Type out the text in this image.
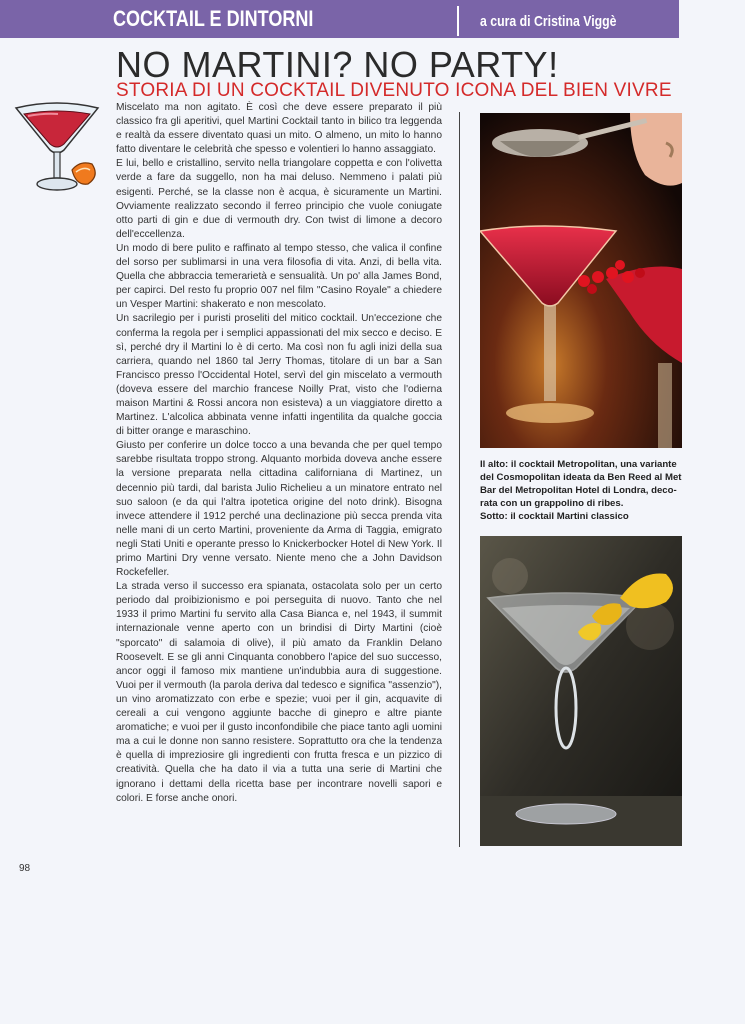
COCKTAIL E DINTORNI	a cura di Cristina Viggè
NO MARTINI? NO PARTY!
STORIA DI UN COCKTAIL DIVENUTO ICONA DEL BIEN VIVRE

Miscelato ma non agitato. È così che deve essere preparato il più classico fra gli aperitivi, quel Martini Cocktail tanto in bilico tra leggenda e realtà da essere diventato quasi un mito. O almeno, un mito lo hanno fatto diventare le celebrità che spesso e volentieri lo hanno assaggiato.

E lui, bello e cristallino, servito nella triangolare coppetta e con l'olivetta verde a fare da suggello, non ha mai deluso. Nemmeno i palati più esigenti. Perché, se la classe non è acqua, è sicuramente un Martini. Ovviamente realizzato secondo il ferreo principio che vuole coniugate otto parti di gin e due di vermouth dry. Con twist di limone a decoro dell'eccellenza.

Un modo di bere pulito e raffinato al tempo stesso, che valica il confine del sorso per sublimarsi in una vera filosofia di vita. Anzi, di bella vita. Quella che abbraccia temerarietà e sensualità. Un po' alla James Bond, per capirci. Del resto fu proprio 007 nel film "Casino Royale" a chiedere un Vesper Martini: shakerato e non mescolato.

Un sacrilegio per i puristi proseliti del mitico cocktail. Un'eccezione che conferma la regola per i semplici appassionati del mix secco e deciso. E sì, perché dry il Martini lo è di certo. Ma così non fu agli inizi della sua carriera, quando nel 1860 tal Jerry Thomas, titolare di un bar a San Francisco presso l'Occidental Hotel, servì del gin miscelato a vermouth (doveva essere del marchio francese Noilly Prat, visto che l'odierna maison Martini & Rossi ancora non esisteva) a un viaggiatore diretto a Martinez. L'alcolica abbinata venne infatti ingentilita da qualche goccia di bitter orange e maraschino.

Giusto per conferire un dolce tocco a una bevanda che per quel tempo sarebbe risultata troppo strong. Alquanto morbida doveva anche essere la versione preparata nella cittadina californiana di Martinez, un decennio più tardi, dal barista Julio Richelieu a un minatore entrato nel suo saloon (e da qui l'altra ipotetica origine del noto drink). Bisogna invece attendere il 1912 perché una declinazione più secca prenda vita nelle mani di un certo Martini, proveniente da Arma di Taggia, emigrato negli Stati Uniti e operante presso lo Knickerbocker Hotel di New York. Il primo Martini Dry venne versato. Niente meno che a John Davidson Rockefeller.

La strada verso il successo era spianata, ostacolata solo per un certo periodo dal proibizionismo e poi perseguita di nuovo. Tanto che nel 1933 il primo Martini fu servito alla Casa Bianca e, nel 1943, il summit internazionale venne aperto con un brindisi di Dirty Martini (cioè "sporcato" di salamoia di olive), il più amato da Franklin Delano Roosevelt. E se gli anni Cinquanta conobbero l'apice del suo successo, ancor oggi il famoso mix mantiene un'indubbia aura di suggestione. Vuoi per il vermouth (la parola deriva dal tedesco e significa "assenzio"), un vino aromatizzato con erbe e spezie; vuoi per il gin, acquavite di cereali a cui vengono aggiunte bacche di ginepro e altre piante aromatiche; e vuoi per il gusto inconfondibile che piace tanto agli uomini ma a cui le donne non sanno resistere. Soprattutto ora che la tendenza è quella di impreziosire gli ingredienti con frutta fresca e un pizzico di creatività. Quella che ha dato il via a tutta una serie di Martini che ignorano i dettami della ricetta base per incontrare novelli sapori e colori. E forse anche onori.

Il alto: il cocktail Metropolitan, una variante
del Cosmopolitan ideata da Ben Reed al Met
Bar del Metropolitan Hotel di Londra, deco-
rata con un grappolino di ribes.
Sotto: il cocktail Martini classico
98
